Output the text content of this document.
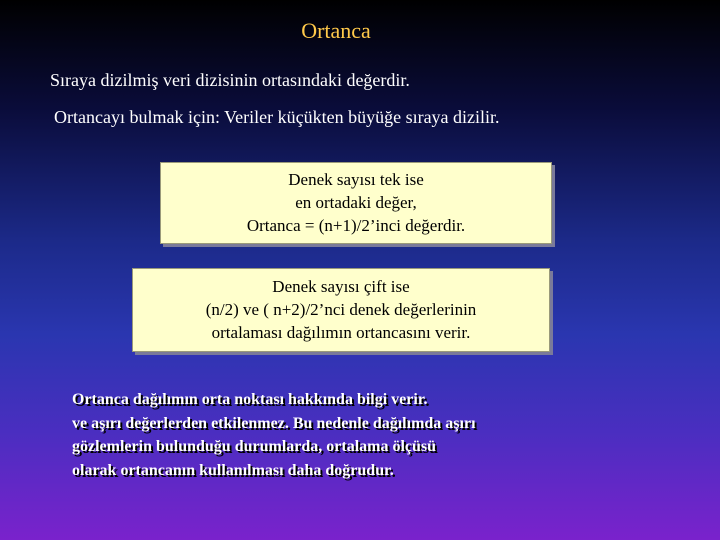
Ortanca
Sıraya dizilmiş veri dizisinin ortasındaki değerdir.
Ortancayı bulmak için: Veriler küçükten büyüğe sıraya dizilir.
Denek sayısı tek ise
en ortadaki değer,
Ortanca = (n+1)/2’inci değerdir.
Denek sayısı çift ise
(n/2) ve ( n+2)/2’nci denek değerlerinin
ortalaması dağılımın ortancasını verir.
Ortanca dağılımın orta noktası hakkında bilgi verir.
ve aşırı değerlerden etkilenmez. Bu nedenle dağılımda aşırı
gözlemlerin bulunduğu durumlarda, ortalama ölçüsü
olarak ortancanın kullanılması daha doğrudur.
